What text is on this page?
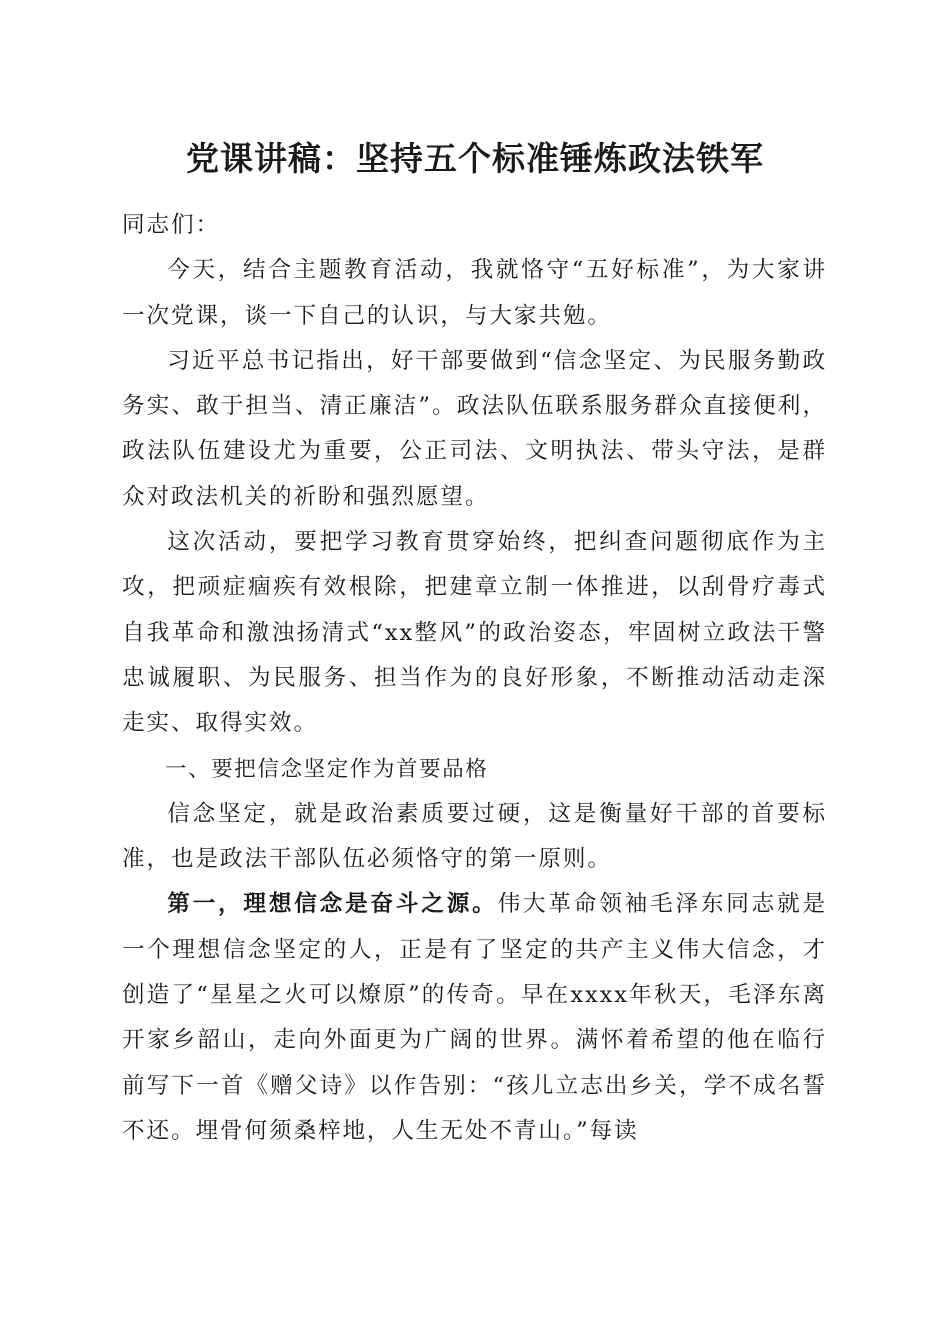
党课讲稿：坚持五个标准锤炼政法铁军

同志们：

今天，结合主题教育活动，我就恪守“五好标准”，为大家讲一次党课，谈一下自己的认识，与大家共勉。

习近平总书记指出，好干部要做到“信念坚定、为民服务勤政务实、敢于担当、清正廉洁”。政法队伍联系服务群众直接便利，政法队伍建设尤为重要，公正司法、文明执法、带头守法，是群众对政法机关的祈盼和强烈愿望。

这次活动，要把学习教育贯穿始终，把纠查问题彻底作为主攻，把顽症痼疾有效根除，把建章立制一体推进，以刮骨疗毒式自我革命和激浊扬清式“xx整风”的政治姿态，牢固树立政法干警忠诚履职、为民服务、担当作为的良好形象，不断推动活动走深走实、取得实效。

一、要把信念坚定作为首要品格

信念坚定，就是政治素质要过硬，这是衡量好干部的首要标准，也是政法干部队伍必须恪守的第一原则。

第一，理想信念是奋斗之源。伟大革命领袖毛泽东同志就是一个理想信念坚定的人，正是有了坚定的共产主义伟大信念，才创造了“星星之火可以燎原”的传奇。早在xxxx年秋天，毛泽东离开家乡韶山，走向外面更为广阔的世界。满怀着希望的他在临行前写下一首《赠父诗》以作告别：“孩儿立志出乡关，学不成名誓不还。埋骨何须桑梓地，人生无处不青山。”每读
